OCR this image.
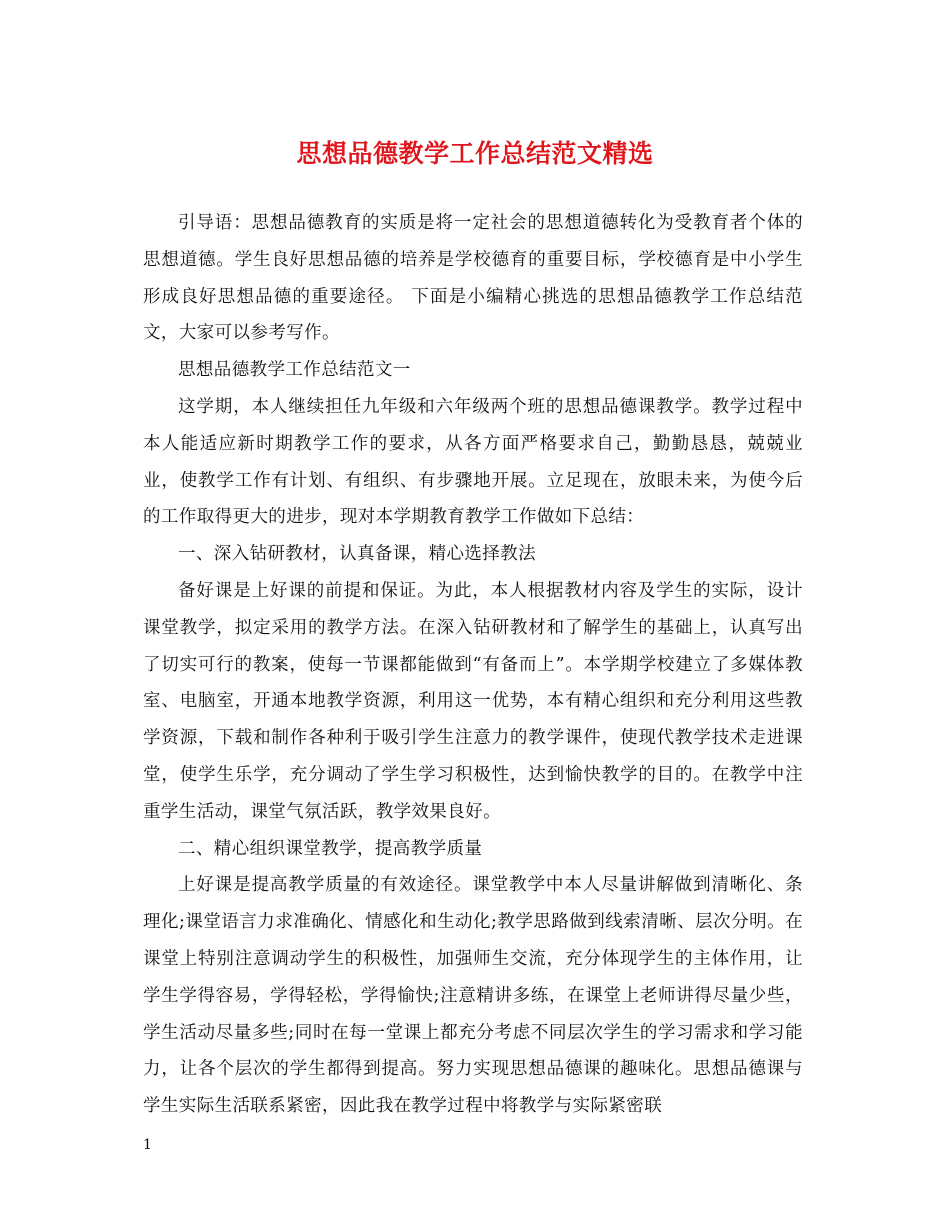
思想品德教学工作总结范文精选

引导语：思想品德教育的实质是将一定社会的思想道德转化为受教育者个体的思想道德。学生良好思想品德的培养是学校德育的重要目标，学校德育是中小学生形成良好思想品德的重要途径。 下面是小编精心挑选的思想品德教学工作总结范文，大家可以参考写作。

思想品德教学工作总结范文一

这学期，本人继续担任九年级和六年级两个班的思想品德课教学。教学过程中本人能适应新时期教学工作的要求，从各方面严格要求自己，勤勤恳恳，兢兢业业，使教学工作有计划、有组织、有步骤地开展。立足现在，放眼未来，为使今后的工作取得更大的进步，现对本学期教育教学工作做如下总结：

一、深入钻研教材，认真备课，精心选择教法

备好课是上好课的前提和保证。为此，本人根据教材内容及学生的实际，设计课堂教学，拟定采用的教学方法。在深入钻研教材和了解学生的基础上，认真写出了切实可行的教案，使每一节课都能做到“有备而上”。本学期学校建立了多媒体教室、电脑室，开通本地教学资源，利用这一优势，本有精心组织和充分利用这些教学资源，下载和制作各种利于吸引学生注意力的教学课件，使现代教学技术走进课堂，使学生乐学，充分调动了学生学习积极性，达到愉快教学的目的。在教学中注重学生活动，课堂气氛活跃，教学效果良好。

二、精心组织课堂教学，提高教学质量

上好课是提高教学质量的有效途径。课堂教学中本人尽量讲解做到清晰化、条理化;课堂语言力求准确化、情感化和生动化;教学思路做到线索清晰、层次分明。在课堂上特别注意调动学生的积极性，加强师生交流，充分体现学生的主体作用，让学生学得容易，学得轻松，学得愉快;注意精讲多练，在课堂上老师讲得尽量少些，学生活动尽量多些;同时在每一堂课上都充分考虑不同层次学生的学习需求和学习能力，让各个层次的学生都得到提高。努力实现思想品德课的趣味化。思想品德课与学生实际生活联系紧密，因此我在教学过程中将教学与实际紧密联

1
